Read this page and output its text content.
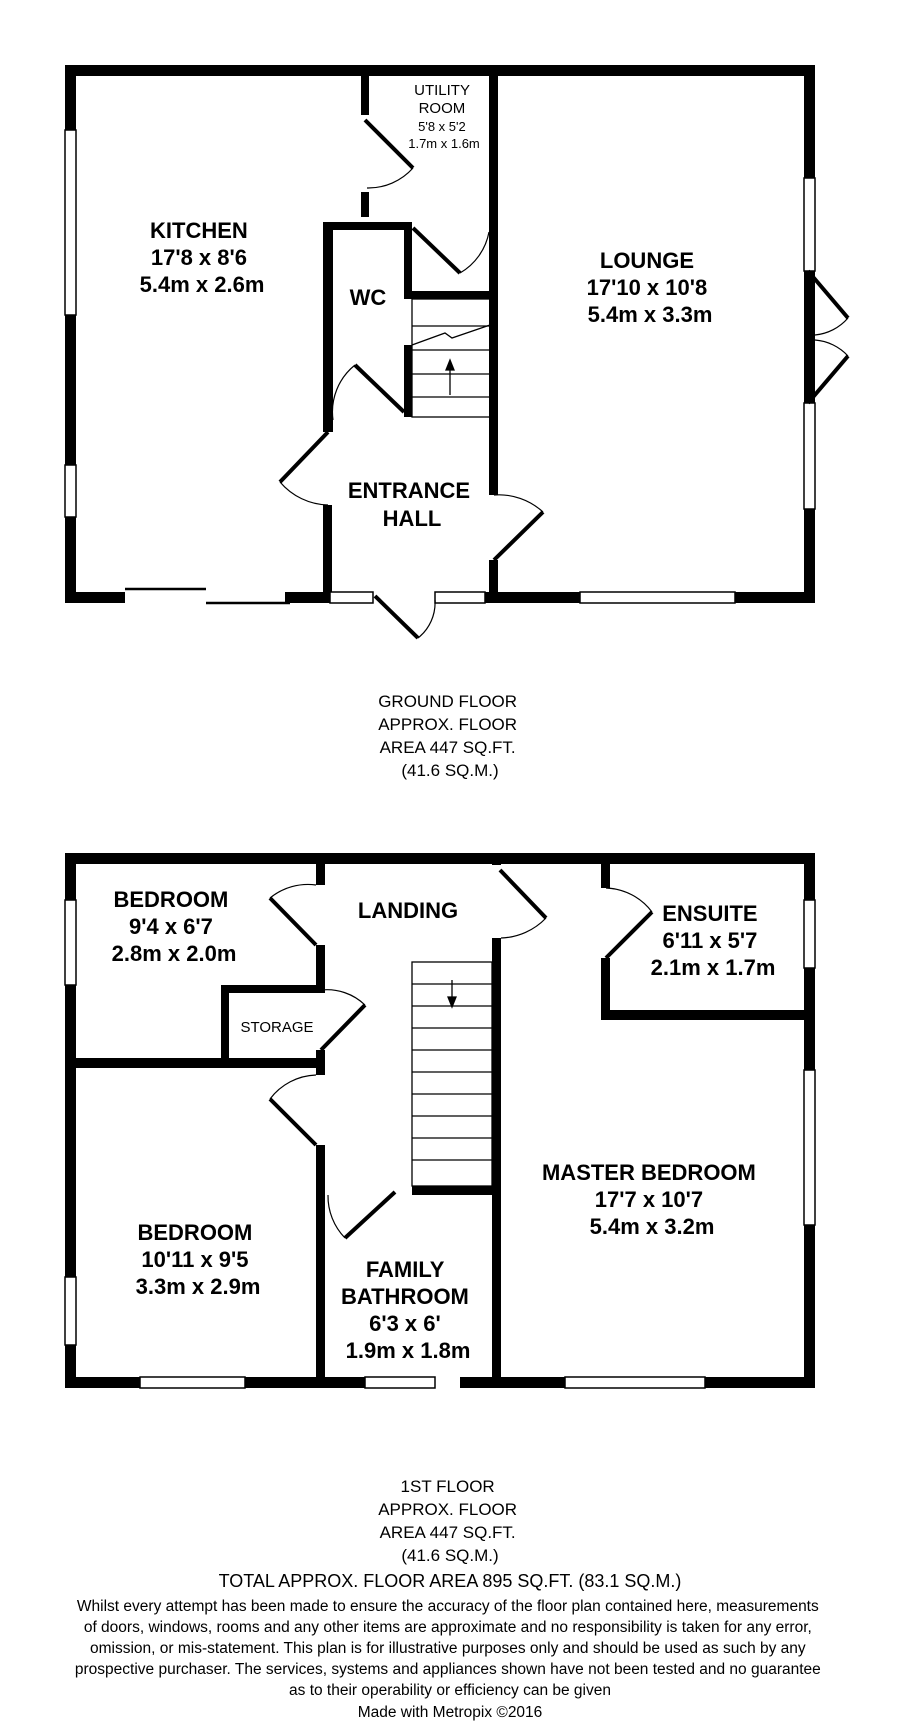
UTILITY ROOM 5'8 x 5'2 1.7m x 1.6m
KITCHEN 17'8 x 8'6 5.4m x 2.6m
WC
LOUNGE 17'10 x 10'8 5.4m x 3.3m
ENTRANCE HALL
GROUND FLOOR APPROX. FLOOR AREA 447 SQ.FT. (41.6 SQ.M.)
BEDROOM 9'4 x 6'7 2.8m x 2.0m
LANDING	ENSUITE 6'11 x 5'7 2.1m x 1.7m
STORAGE
MASTER BEDROOM 17'7 x 10'7 5.4m x 3.2m
BEDROOM 10'11 x 9'5 3.3m x 2.9m
FAMILY BATHROOM 6'3 x 6' 1.9m x 1.8m
1ST FLOOR APPROX. FLOOR AREA 447 SQ.FT. (41.6 SQ.M.)
TOTAL APPROX. FLOOR AREA 895 SQ.FT. (83.1 SQ.M.)
Whilst every attempt has been made to ensure the accuracy of the floor plan contained here, measurements of doors, windows, rooms and any other items are approximate and no responsibility is taken for any error, omission, or mis-statement. This plan is for illustrative purposes only and should be used as such by any prospective purchaser. The services, systems and appliances shown have not been tested and no guarantee as to their operability or efficiency can be given
Made with Metropix ©2016
